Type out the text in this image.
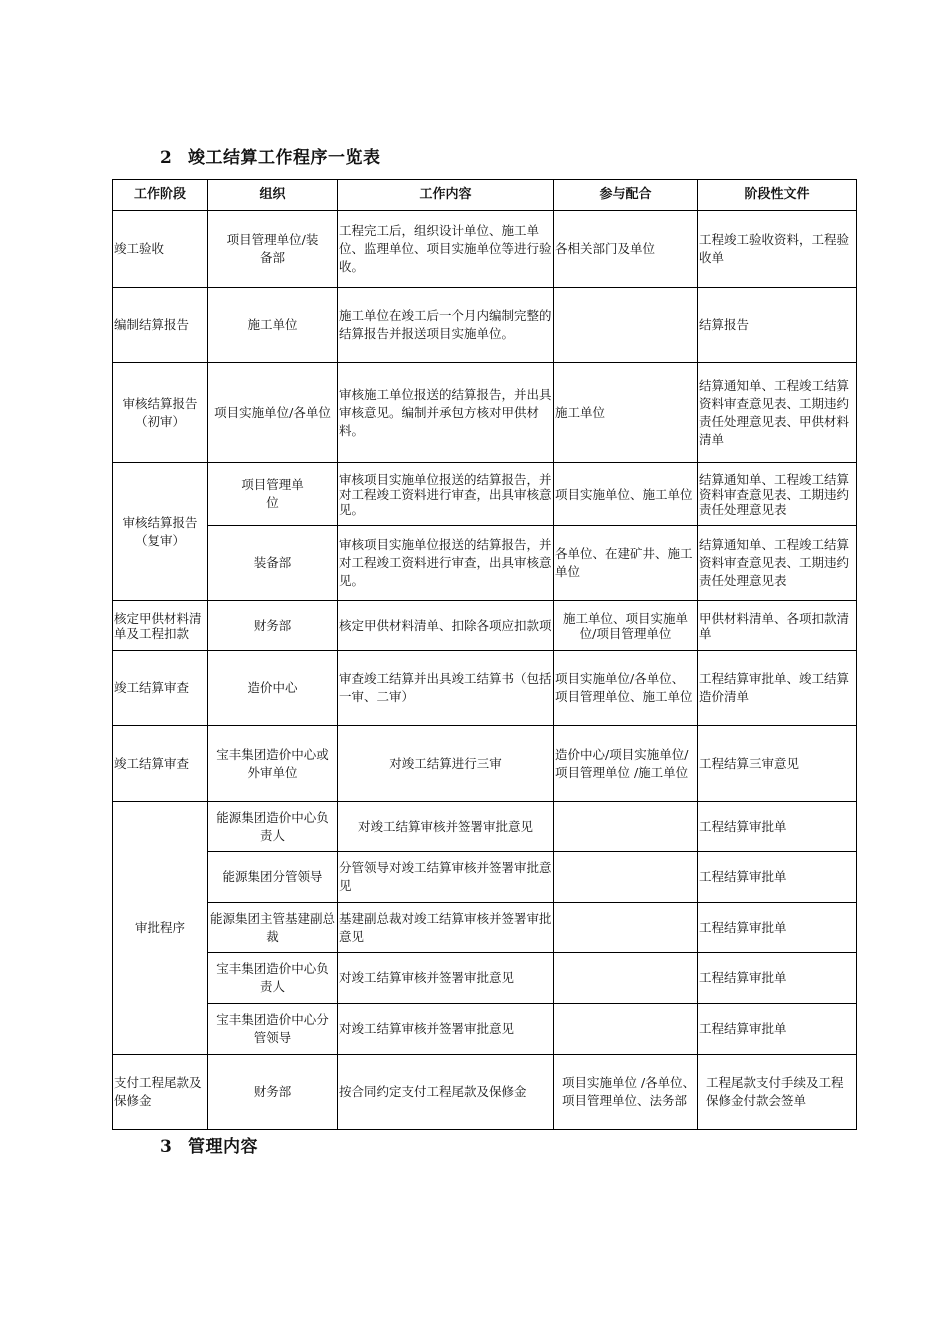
2 竣工结算工作程序一览表
工作阶段	组织	工作内容	参与配合	阶段性文件
竣工验收	项目管理单位/装备部	工程完工后，组织设计单位、施工单位、监理单位、项目实施单位等进行验收。	各相关部门及单位	工程竣工验收资料，工程验收单
编制结算报告	施工单位	施工单位在竣工后一个月内编制完整的结算报告并报送项目实施单位。		结算报告
审核结算报告（初审）	项目实施单位/各单位	审核施工单位报送的结算报告，并出具审核意见。编制并承包方核对甲供材料。	施工单位	结算通知单、工程竣工结算资料审查意见表、工期违约责任处理意见表、甲供材料清单
审核结算报告（复审）	项目管理单位	审核项目实施单位报送的结算报告，并对工程竣工资料进行审查，出具审核意见。	项目实施单位、施工单位	结算通知单、工程竣工结算资料审查意见表、工期违约责任处理意见表
	装备部	审核项目实施单位报送的结算报告，并对工程竣工资料进行审查，出具审核意见。	各单位、在建矿井、施工单位	结算通知单、工程竣工结算资料审查意见表、工期违约责任处理意见表
核定甲供材料清单及工程扣款	财务部	核定甲供材料清单、扣除各项应扣款项	施工单位、项目实施单位/项目管理单位	甲供材料清单、各项扣款清单
竣工结算审查	造价中心	审查竣工结算并出具竣工结算书（包括一审、二审）	项目实施单位/各单位、项目管理单位、施工单位	工程结算审批单、竣工结算造价清单
竣工结算审查	宝丰集团造价中心或外审单位	对竣工结算进行三审	造价中心/项目实施单位/项目管理单位 /施工单位	工程结算三审意见
审批程序	能源集团造价中心负责人	对竣工结算审核并签署审批意见		工程结算审批单
	能源集团分管领导	分管领导对竣工结算审核并签署审批意见		工程结算审批单
	能源集团主管基建副总裁	基建副总裁对竣工结算审核并签署审批意见		工程结算审批单
	宝丰集团造价中心负责人	对竣工结算审核并签署审批意见		工程结算审批单
	宝丰集团造价中心分管领导	对竣工结算审核并签署审批意见		工程结算审批单
支付工程尾款及保修金	财务部	按合同约定支付工程尾款及保修金	项目实施单位 /各单位、项目管理单位、法务部	工程尾款支付手续及工程保修金付款会签单
3 管理内容
